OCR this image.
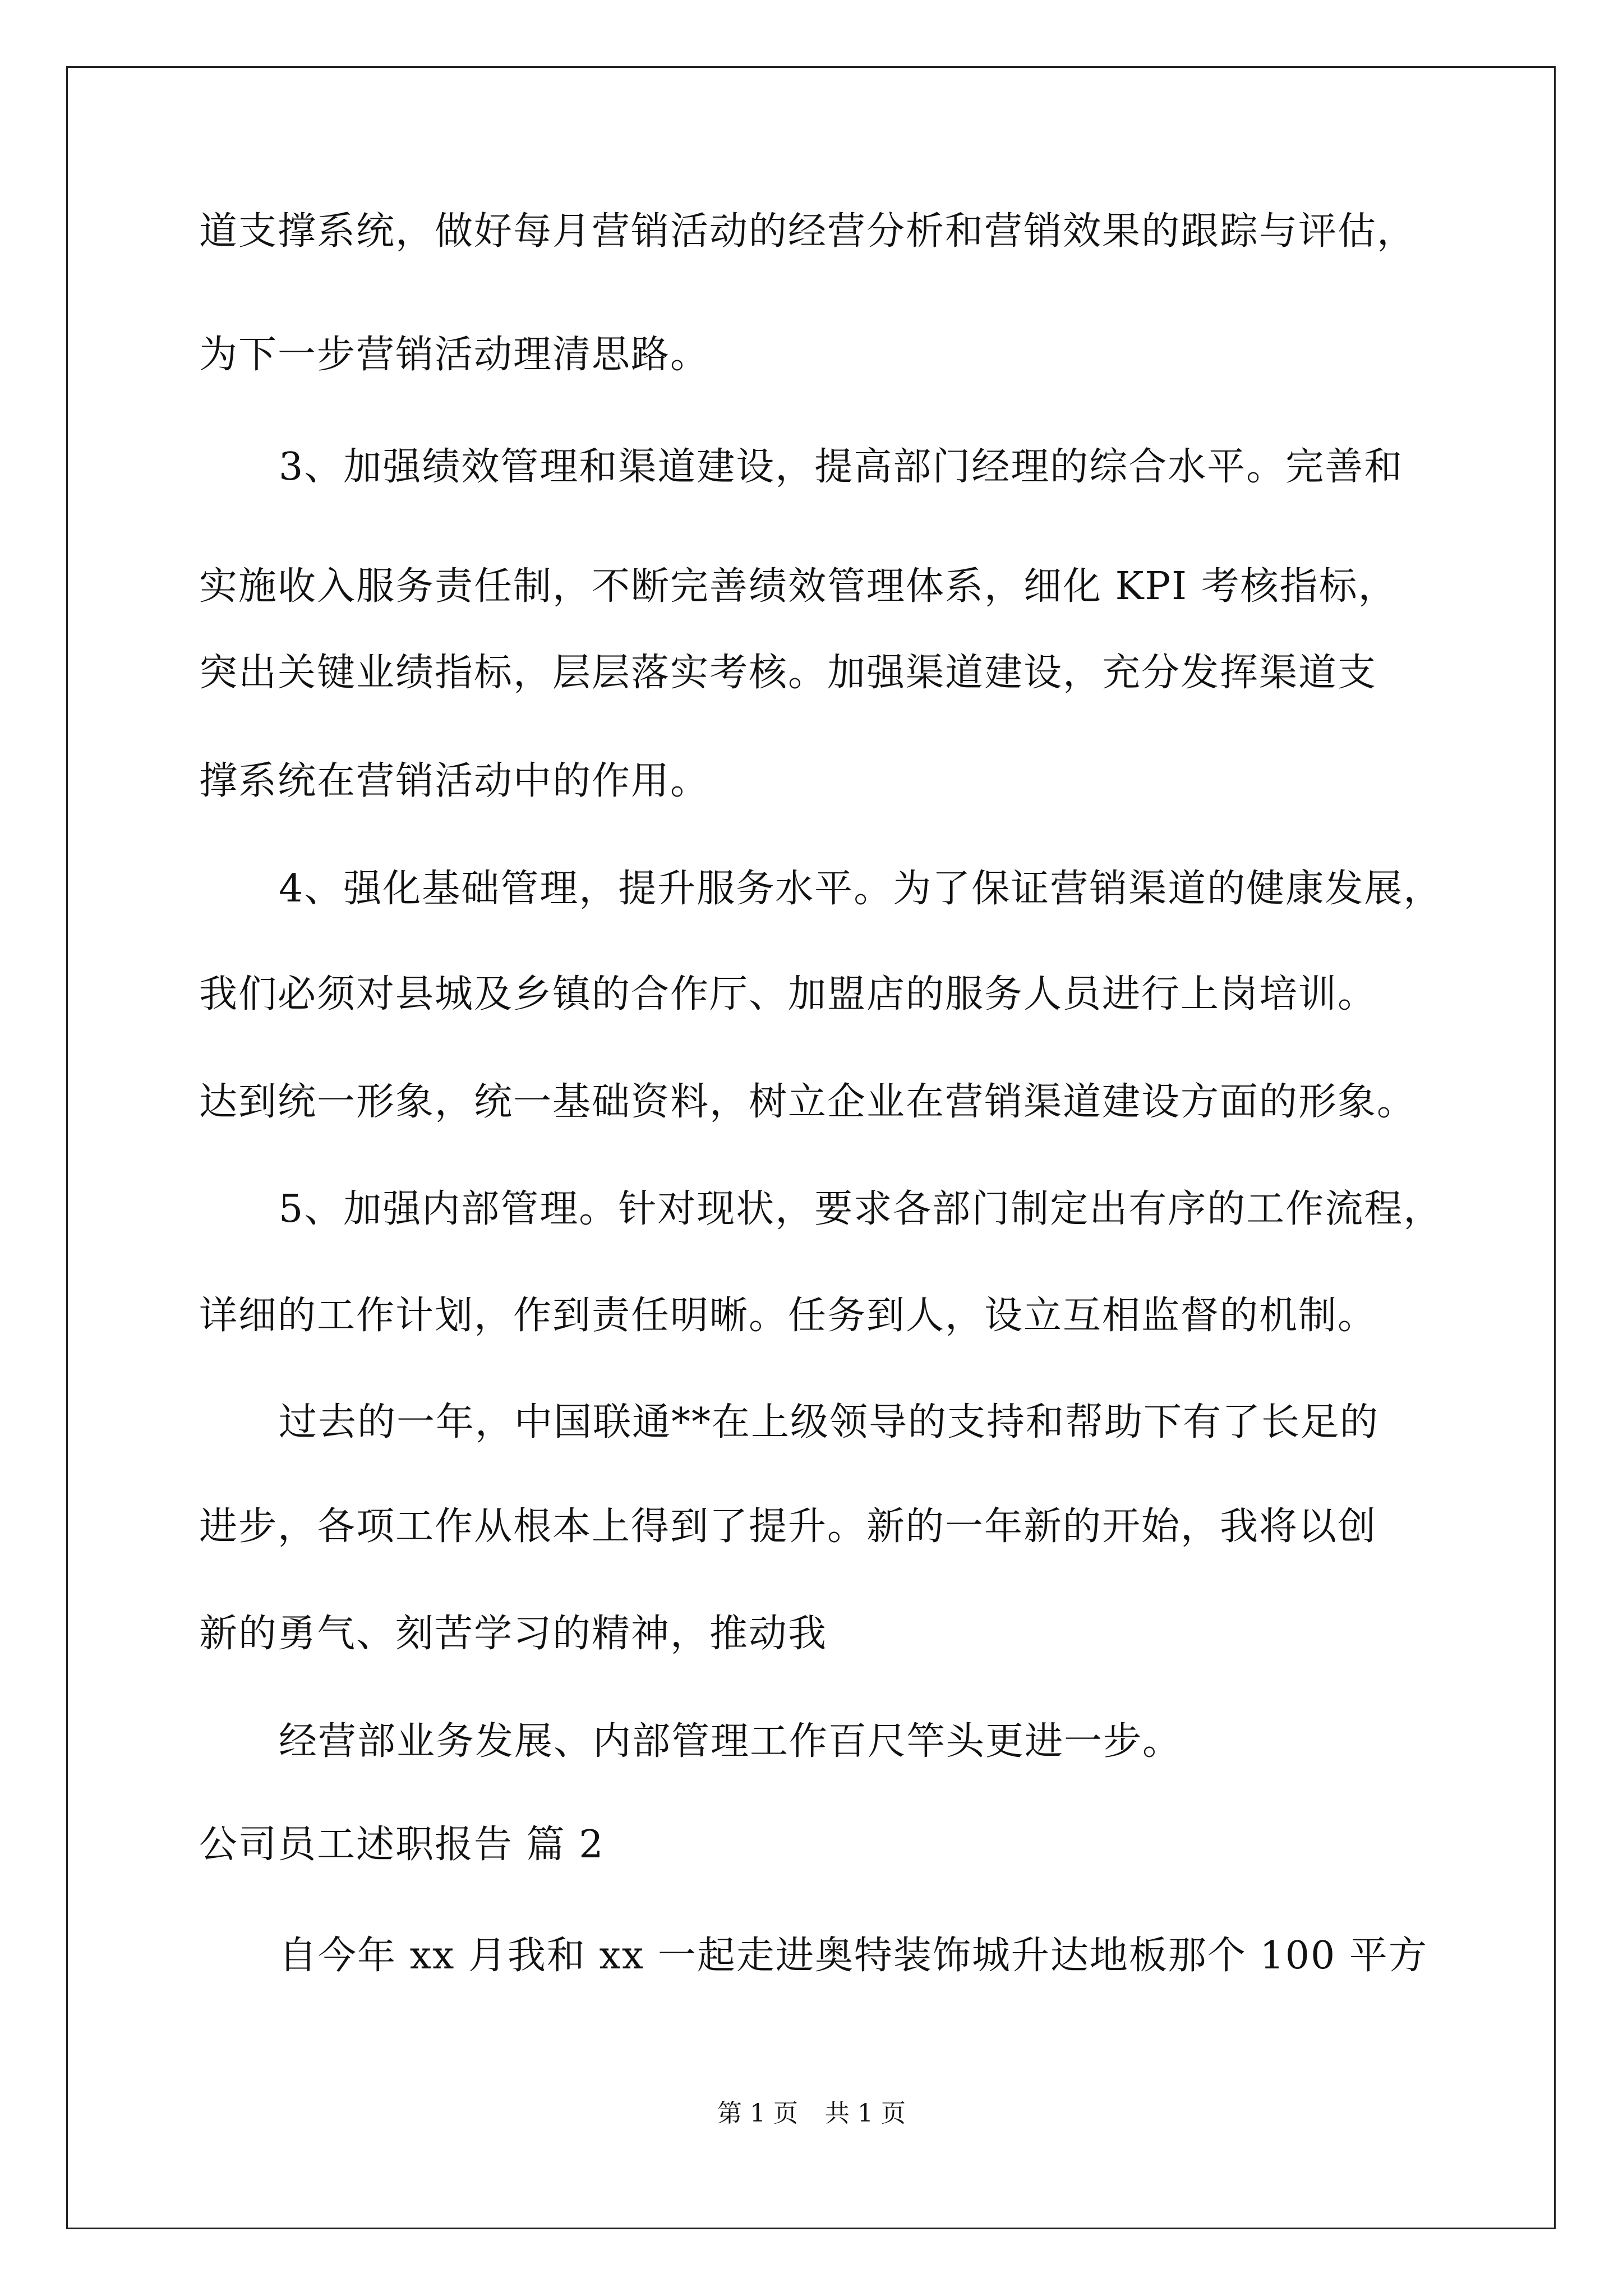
道支撑系统，做好每月营销活动的经营分析和营销效果的跟踪与评估，
为下一步营销活动理清思路。
3、加强绩效管理和渠道建设，提高部门经理的综合水平。完善和
实施收入服务责任制，不断完善绩效管理体系，细化 KPI 考核指标，
突出关键业绩指标，层层落实考核。加强渠道建设，充分发挥渠道支
撑系统在营销活动中的作用。
4、强化基础管理，提升服务水平。为了保证营销渠道的健康发展，
我们必须对县城及乡镇的合作厅、加盟店的服务人员进行上岗培训。
达到统一形象，统一基础资料，树立企业在营销渠道建设方面的形象。
5、加强内部管理。针对现状，要求各部门制定出有序的工作流程，
详细的工作计划，作到责任明晰。任务到人，设立互相监督的机制。
过去的一年，中国联通**在上级领导的支持和帮助下有了长足的
进步，各项工作从根本上得到了提升。新的一年新的开始，我将以创
新的勇气、刻苦学习的精神，推动我
经营部业务发展、内部管理工作百尺竿头更进一步。
公司员工述职报告 篇 2
自今年 xx 月我和 xx 一起走进奥特装饰城升达地板那个 100 平方
第 1 页 共 1 页
